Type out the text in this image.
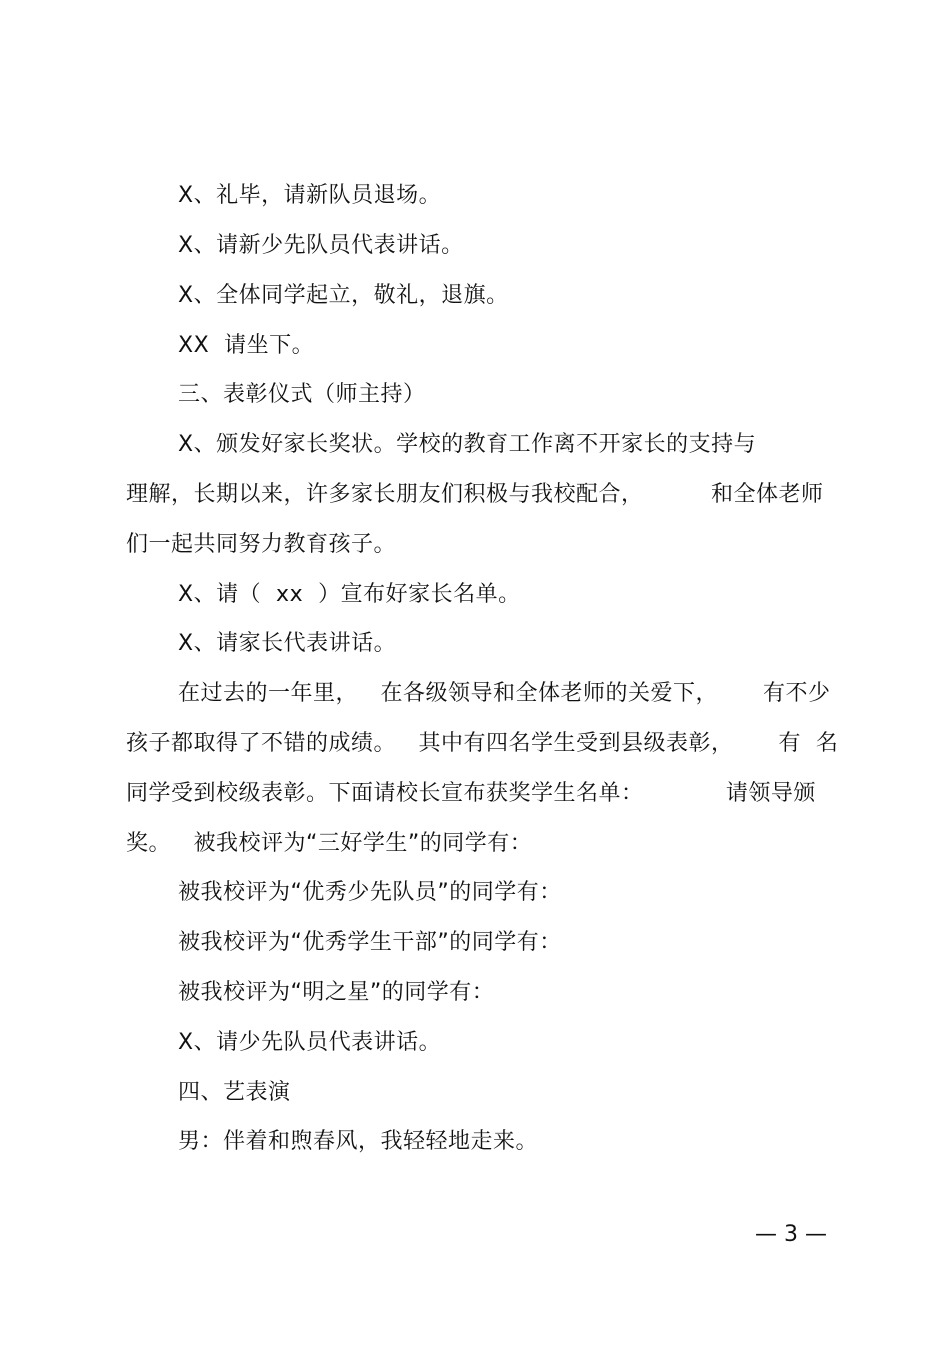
X、礼毕，请新队员退场。
X、请新少先队员代表讲话。
X、全体同学起立，敬礼，退旗。
XX  请坐下。
三、表彰仪式（师主持）
X、颁发好家长奖状。学校的教育工作离不开家长的支持与
理解，长期以来，许多家长朋友们积极与我校配合，         和全体老师
们一起共同努力教育孩子。
X、请（  xx  ）宣布好家长名单。
X、请家长代表讲话。
在过去的一年里，   在各级领导和全体老师的关爱下，      有不少
孩子都取得了不错的成绩。   其中有四名学生受到县级表彰，      有  名
同学受到校级表彰。下面请校长宣布获奖学生名单：           请领导颁
奖。   被我校评为“三好学生”的同学有：
被我校评为“优秀少先队员”的同学有：
被我校评为“优秀学生干部”的同学有：
被我校评为“明之星”的同学有：
X、请少先队员代表讲话。
四、艺表演
男：伴着和煦春风，我轻轻地走来。
— 3 —
